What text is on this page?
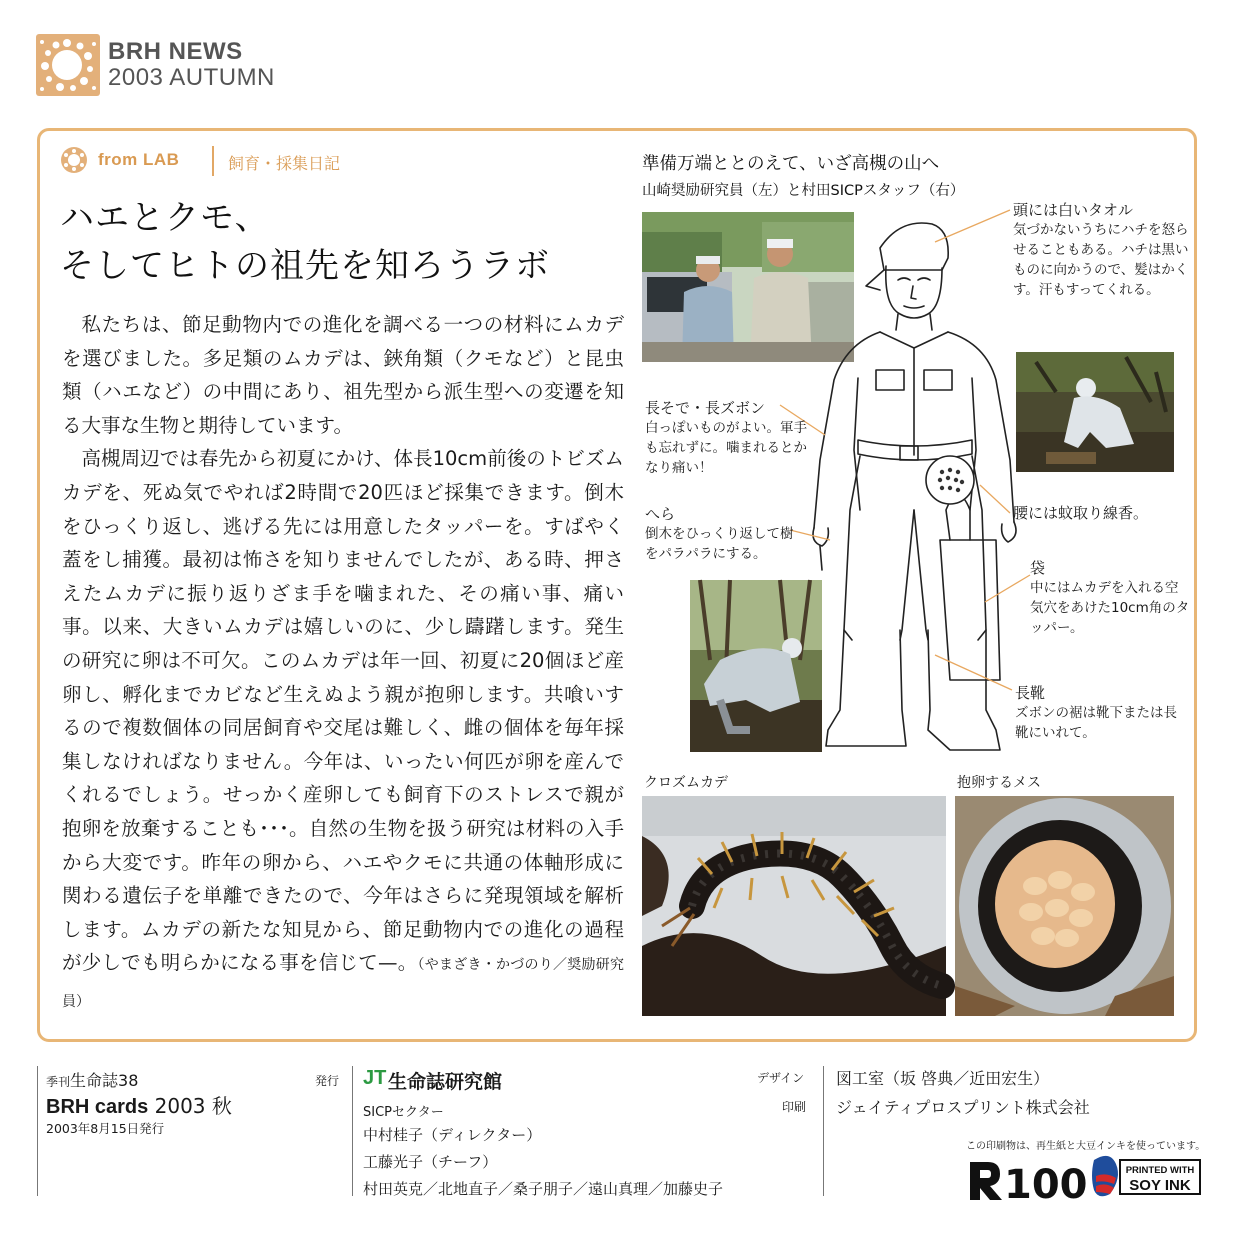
BRH NEWS
2003 AUTUMN
from LAB	飼育・採集日記
ハエとクモ、
そしてヒトの祖先を知ろうラボ

私たちは、節足動物内での進化を調べる一つの材料にムカデを選びました。多足類のムカデは、鋏角類（クモなど）と昆虫類（ハエなど）の中間にあり、祖先型から派生型への変遷を知る大事な生物と期待しています。

高槻周辺では春先から初夏にかけ、体長10cm前後のトビズムカデを、死ぬ気でやれば2時間で20匹ほど採集できます。倒木をひっくり返し、逃げる先には用意したタッパーを。すばやく蓋をし捕獲。最初は怖さを知りませんでしたが、ある時、押さえたムカデに振り返りざま手を噛まれた、その痛い事、痛い事。以来、大きいムカデは嬉しいのに、少し躊躇します。発生の研究に卵は不可欠。このムカデは年一回、初夏に20個ほど産卵し、孵化までカビなど生えぬよう親が抱卵します。共喰いするので複数個体の同居飼育や交尾は難しく、雌の個体を毎年採集しなければなりません。今年は、いったい何匹が卵を産んでくれるでしょう。せっかく産卵しても飼育下のストレスで親が抱卵を放棄することも･･･。自然の生物を扱う研究は材料の入手から大変です。昨年の卵から、ハエやクモに共通の体軸形成に関わる遺伝子を単離できたので、今年はさらに発現領域を解析します。ムカデの新たな知見から、節足動物内での進化の過程が少しでも明らかになる事を信じて—。（やまざき・かづのり／奨励研究員）

準備万端ととのえて、いざ高槻の山へ
山崎奨励研究員（左）と村田SICPスタッフ（右）
頭には白いタオル
気づかないうちにハチを怒らせることもある。ハチは黒いものに向かうので、髪はかくす。汗もすってくれる。
長そで・長ズボン
白っぽいものがよい。軍手も忘れずに。噛まれるとかなり痛い！
へら
倒木をひっくり返して樹をパラパラにする。
腰には蚊取り線香。
袋
中にはムカデを入れる空気穴をあけた10cm角のタッパー。
長靴
ズボンの裾は靴下または長靴にいれて。
クロズムカデ	抱卵するメス
季刊生命誌38
BRH cards 2003 秋
2003年8月15日発行
発行 JT 生命誌研究館
SICPセクター
中村桂子（ディレクター）
工藤光子（チーフ）
村田英克／北地直子／桑子朋子／遠山真理／加藤史子
デザイン
印刷
図工室（坂 啓典／近田宏生）
ジェイティプロスプリント株式会社
この印刷物は、再生紙と大豆インキを使っています。
100	PRINTED WITH
SOY INK
